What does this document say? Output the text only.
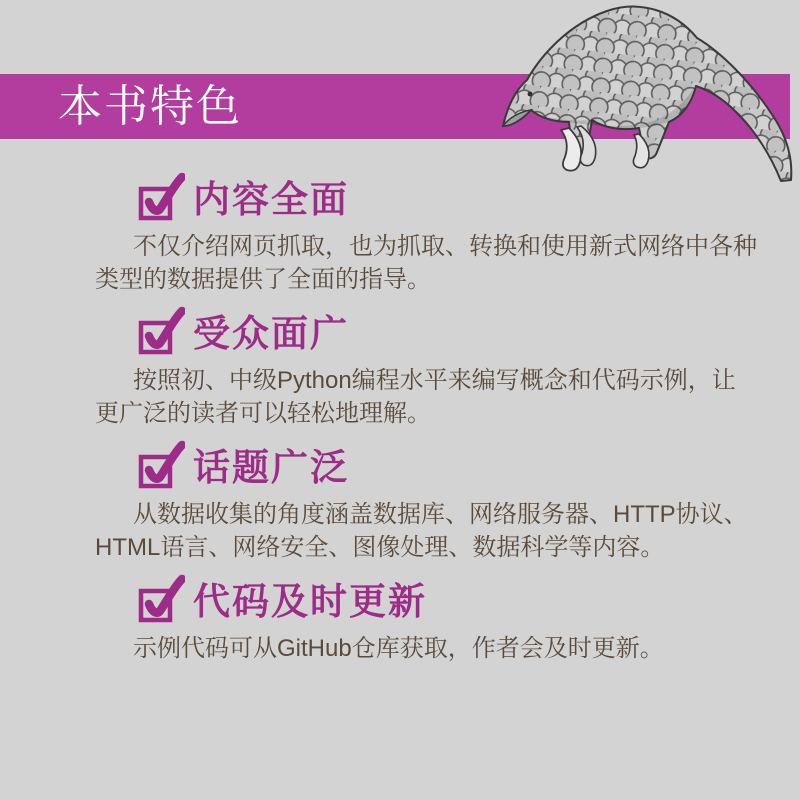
本书特色
内容全面
不仅介绍网页抓取，也为抓取、转换和使用新式网络中各种
类型的数据提供了全面的指导。
受众面广
按照初、中级Python编程水平来编写概念和代码示例，让
更广泛的读者可以轻松地理解。
话题广泛
从数据收集的角度涵盖数据库、网络服务器、HTTP协议、
HTML语言、网络安全、图像处理、数据科学等内容。
代码及时更新
示例代码可从GitHub仓库获取，作者会及时更新。
